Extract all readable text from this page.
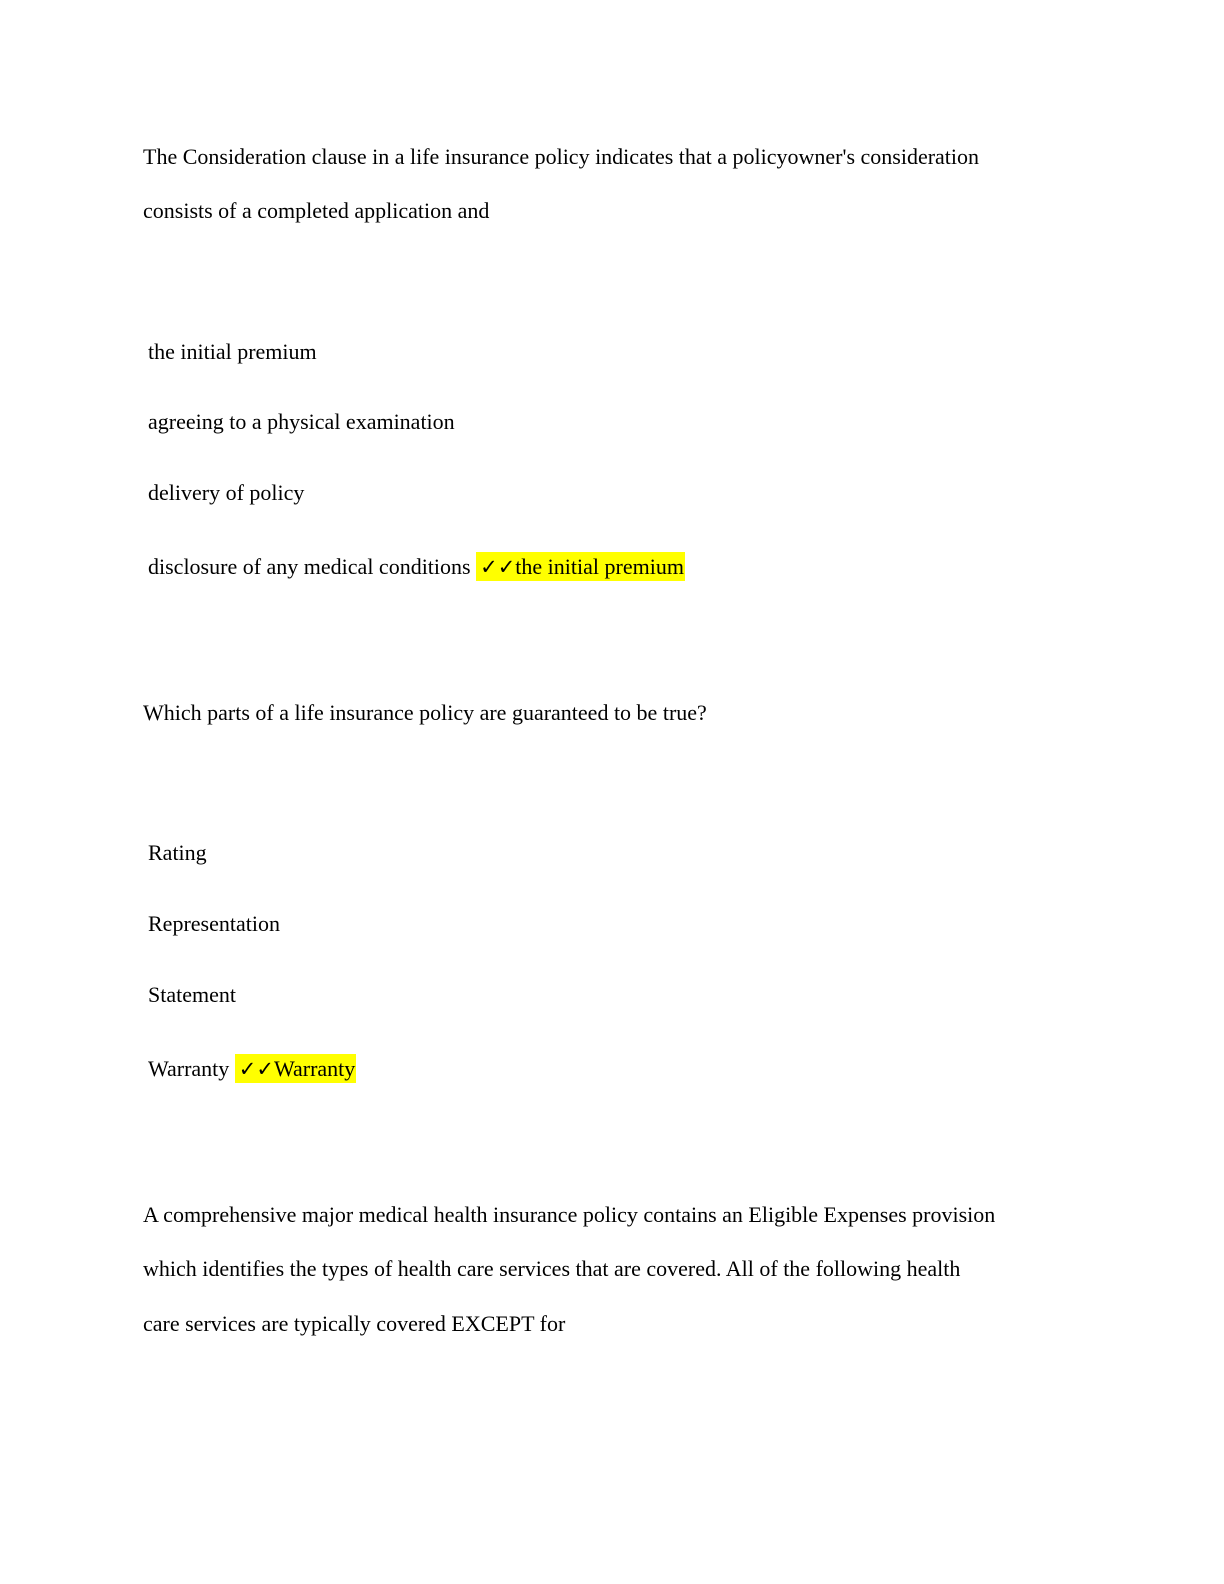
The Consideration clause in a life insurance policy indicates that a policyowner's consideration
consists of a completed application and
the initial premium
agreeing to a physical examination
delivery of policy
disclosure of any medical conditions ✓✓the initial premium
Which parts of a life insurance policy are guaranteed to be true?
Rating
Representation
Statement
Warranty ✓✓Warranty
A comprehensive major medical health insurance policy contains an Eligible Expenses provision
which identifies the types of health care services that are covered. All of the following health
care services are typically covered EXCEPT for
